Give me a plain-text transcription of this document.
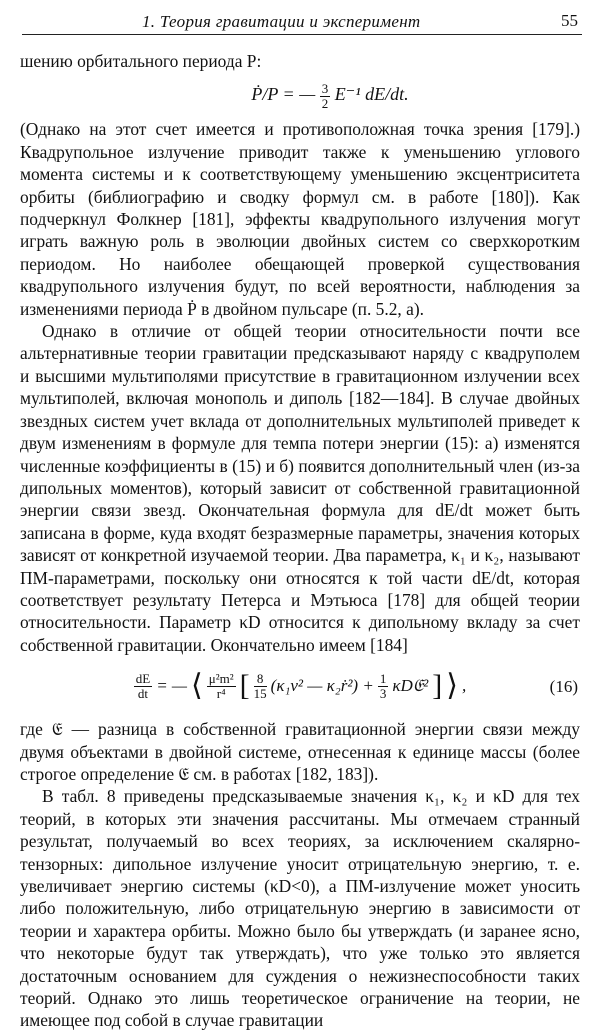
1. Теория гравитации и эксперимент	55

шению орбитального периода P:

Ṗ/P = — $\frac{3}{2} E^{-1}$ dE/dt.

(Однако на этот счет имеется и противоположная точка зрения [179].) Квадрупольное излучение приводит также к уменьшению углового момента системы и к соответствующему уменьшению эксцентриситета орбиты (библиографию и сводку формул см. в работе [180]). Как подчеркнул Фолкнер [181], эффекты квадрупольного излучения могут играть важную роль в эволюции двойных систем со сверхкоротким периодом. Но наиболее обещающей проверкой существования квадрупольного излучения будут, по всей вероятности, наблюдения за изменениями периода Ṗ в двойном пульсаре (п. 5.2, а).

Однако в отличие от общей теории относительности почти все альтернативные теории гравитации предсказывают наряду с квадруполем и высшими мультиполями присутствие в гравитационном излучении всех мультиполей, включая монополь и диполь [182—184]. В случае двойных звездных систем учет вклада от дополнительных мультиполей приведет к двум изменениям в формуле для темпа потери энергии (15): а) изменятся численные коэффициенты в (15) и б) появится дополнительный член (из-за дипольных моментов), который зависит от собственной гравитационной энергии связи звезд. Окончательная формула для dE/dt может быть записана в форме, куда входят безразмерные параметры, значения которых зависят от конкретной изучаемой теории. Два параметра, κ₁ и κ₂, называют ПМ-параметрами, поскольку они относятся к той части dE/dt, которая соответствует результату Петерса и Мэтьюса [178] для общей теории относительности. Параметр κD относится к дипольному вкладу за счет собственной гравитации. Окончательно имеем [184]

$\frac{dE}{dt}$ = — ⟨ $\frac{\text{μ²m²}}{\text{r⁴}}$ [ $\frac{8}{15} (\kappa_1v^2$ — κ₂ṙ²) + $\frac{1}{3}$ κD𝔈² ] ⟩ ,	(16)

где 𝔈 — разница в собственной гравитационной энергии связи между двумя объектами в двойной системе, отнесенная к единице массы (более строгое определение 𝔈 см. в работах [182, 183]).

В табл. 8 приведены предсказываемые значения κ₁, κ₂ и κD для тех теорий, в которых эти значения рассчитаны. Мы отмечаем странный результат, получаемый во всех теориях, за исключением скалярно-тензорных: дипольное излучение уносит отрицательную энергию, т. е. увеличивает энергию системы (κD<0), а ПМ-излучение может уносить либо положительную, либо отрицательную энергию в зависимости от теории и характера орбиты. Можно было бы утверждать (и заранее ясно, что некоторые будут так утверждать), что уже только это является достаточным основанием для суждения о нежизнеспособности таких теорий. Однако это лишь теоретическое ограничение на теории, не имеющее под собой в случае гравитации
